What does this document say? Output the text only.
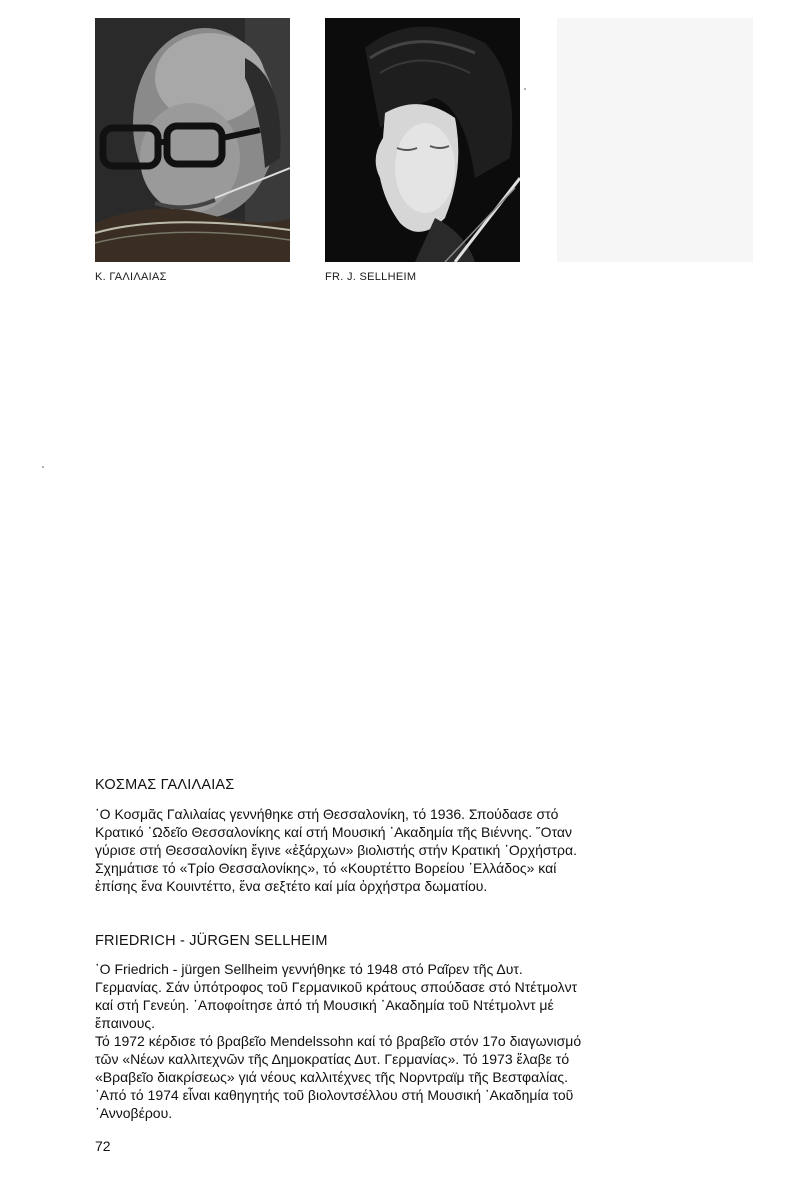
Κ. ΓΑΛΙΛΑΙΑΣ	FR. J. SELLHEIM
ΚΟΣΜΑΣ ΓΑΛΙΛΑΙΑΣ

῾Ο Κοσμᾶς Γαλιλαίας γεννήθηκε στή Θεσσαλονίκη, τό 1936. Σπούδασε στό
Κρατικό ᾿Ωδεῖο Θεσσαλονίκης καί στή Μουσική ᾿Ακαδημία τῆς Βιέννης. ῞Οταν
γύρισε στή Θεσσαλονίκη ἔγινε «ἐξάρχων» βιολιστής στήν Κρατική ᾿Ορχήστρα.
Σχημάτισε τό «Τρίο Θεσσαλονίκης», τό «Κουρτέττο Βορείου ῾Ελλάδος» καί
ἐπίσης ἕνα Κουιντέττο, ἕνα σεξτέτο καί μία ὀρχήστρα δωματίου.

FRIEDRICH - JÜRGEN SELLHEIM

῾Ο Friedrich - jürgen Sellheim γεννήθηκε τό 1948 στό Ραῖρεν τῆς Δυτ.
Γερμανίας. Σάν ὑπότροφος τοῦ Γερμανικοῦ κράτους σπούδασε στό Ντέτμολντ
καί στή Γενεύη. ᾿Αποφοίτησε ἀπό τή Μουσική ᾿Ακαδημία τοῦ Ντέτμολντ μέ
ἔπαινους.
Τό 1972 κέρδισε τό βραβεῖο Mendelssohn καί τό βραβεῖο στόν 17ο διαγωνισμό
τῶν «Νέων καλλιτεχνῶν τῆς Δημοκρατίας Δυτ. Γερμανίας». Τό 1973 ἔλαβε τό
«Βραβεῖο διακρίσεως» γιά νέους καλλιτέχνες τῆς Νορντραϊμ τῆς Βεστφαλίας.
᾿Από τό 1974 εἶναι καθηγητής τοῦ βιολοντσέλλου στή Μουσική ᾿Ακαδημία τοῦ
᾿Αννοβέρου.

72
